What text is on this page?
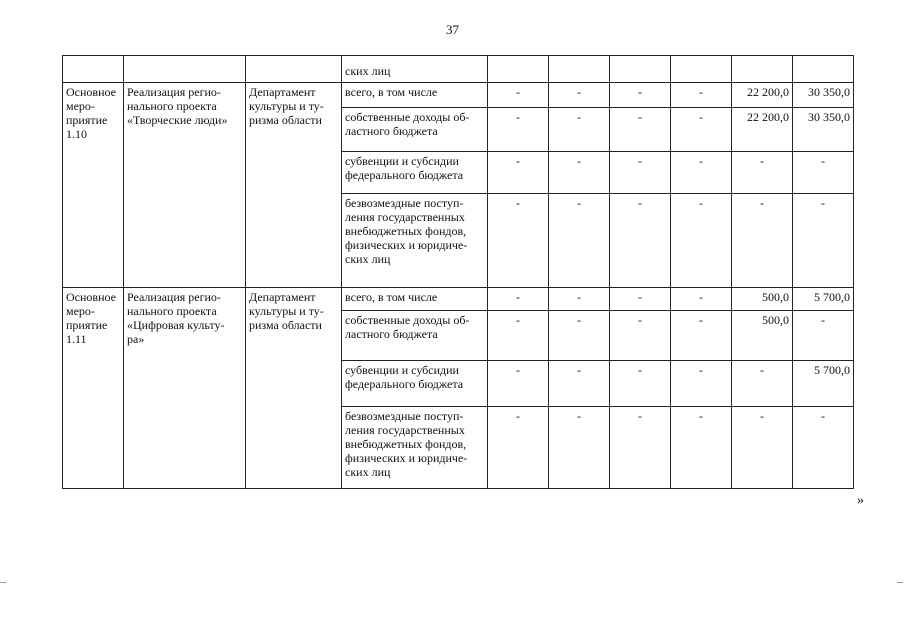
37
			ских лиц						
Основное
меро-
приятие
1.10	Реализация регио-
нального проекта
«Творческие люди»	Департамент
культуры и ту-
ризма области	всего, в том числе	-	-	-	-	22 200,0	30 350,0
			собственные доходы об-
ластного бюджета	-	-	-	-	22 200,0	30 350,0
			субвенции и субсидии
федерального бюджета	-	-	-	-	-	-
			безвозмездные поступ-
ления государственных
внебюджетных фондов,
физических и юридиче-
ских лиц	-	-	-	-	-	-
Основное
меро-
приятие
1.11	Реализация регио-
нального проекта
«Цифровая культу-
ра»	Департамент
культуры и ту-
ризма области	всего, в том числе	-	-	-	-	500,0	5 700,0
			собственные доходы об-
ластного бюджета	-	-	-	-	500,0	-
			субвенции и субсидии
федерального бюджета	-	-	-	-	-	5 700,0
			безвозмездные поступ-
ления государственных
внебюджетных фондов,
физических и юридиче-
ских лиц	-	-	-	-	-	-
»
